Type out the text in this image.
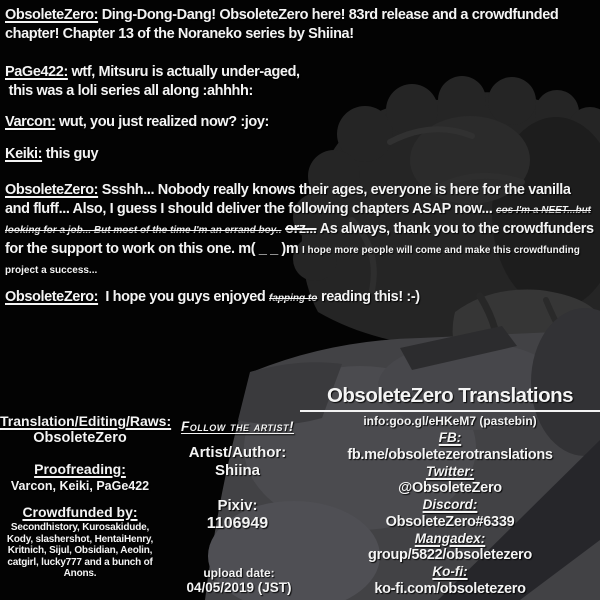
ObsoleteZero: Ding-Dong-Dang! ObsoleteZero here! 83rd release and a crowdfunded chapter! Chapter 13 of the Noraneko series by Shiina!

PaGe422: wtf, Mitsuru is actually under-aged,
this was a loli series all along :ahhhh:

Varcon: wut, you just realized now? :joy:

Keiki: this guy

ObsoleteZero: Ssshh... Nobody really knows their ages, everyone is here for the vanilla and fluff... Also, I guess I should deliver the following chapters ASAP now... cos I'm a NEET...but looking for a job... But most of the time I'm an errand boy.. orz... As always, thank you to the crowdfunders for the support to work on this one. m( _ _ )m I hope more people will come and make this crowdfunding project a success...

ObsoleteZero: I hope you guys enjoyed fapping to reading this! :-)

Translation/Editing/Raws:

ObsoleteZero

Proofreading:

Varcon, Keiki, PaGe422

Crowdfunded by:

Secondhistory, Kurosakidude, Kody, slashershot, HentaiHenry, Kritnich, Sijul, Obsidian, Aeolin, catgirl, lucky777 and a bunch of Anons.

Follow the artist!

Artist/Author:

Shiina

Pixiv:

1106949

upload date:

04/05/2019 (JST)

ObsoleteZero Translations

info:goo.gl/eHKeM7 (pastebin)

FB:

fb.me/obsoletezerotranslations

Twitter:

@ObsoleteZero

Discord:

ObsoleteZero#6339

Mangadex:

group/5822/obsoletezero

Ko-fi:

ko-fi.com/obsoletezero
